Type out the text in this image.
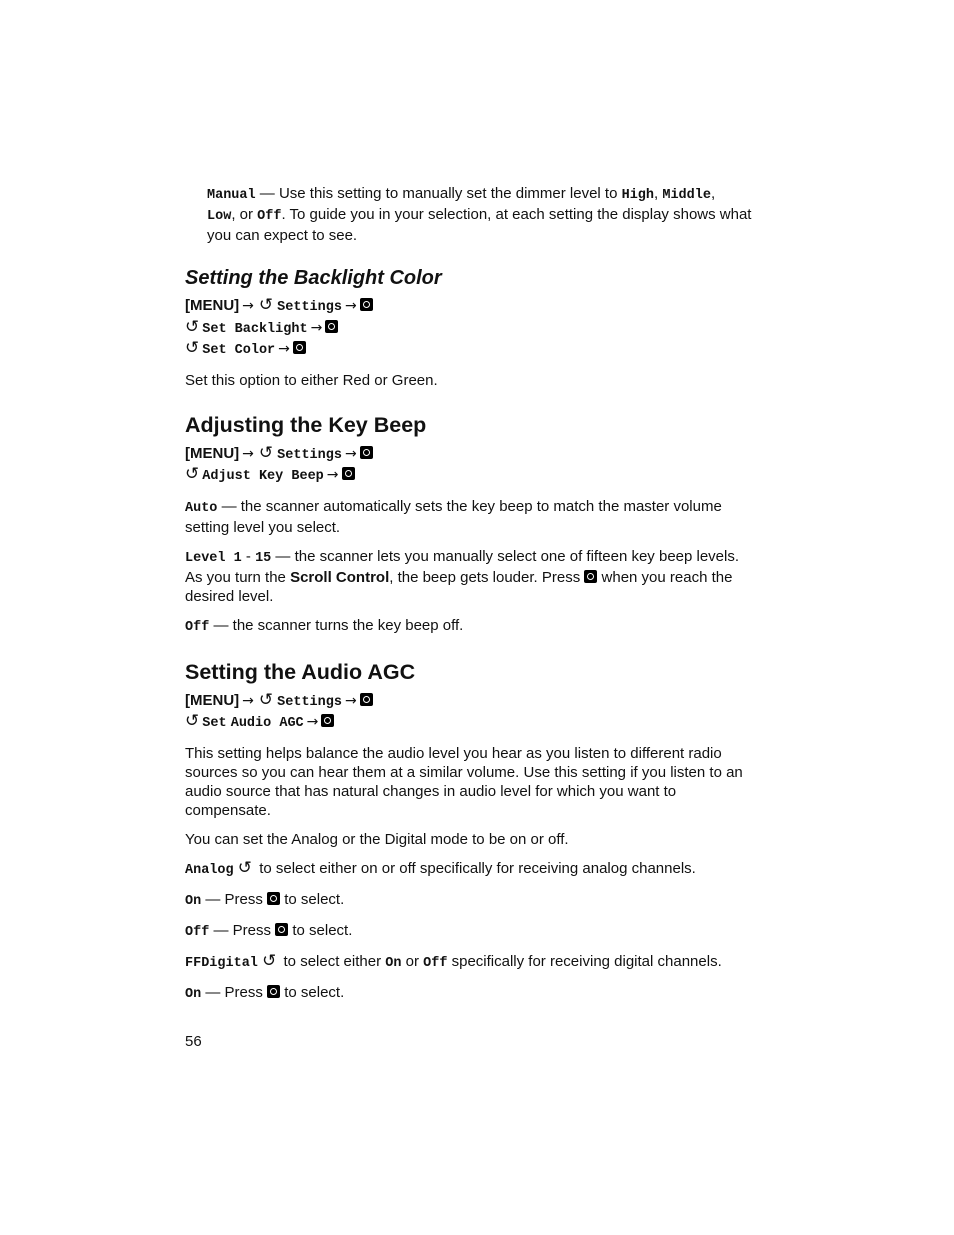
Manual — Use this setting to manually set the dimmer level to High, Middle,
Low, or Off. To guide you in your selection, at each setting the display shows what you can expect to see.

Setting the Backlight Color
[MENU] → ↺ Settings →
↺ Set Backlight →
↺ Set Color →

Set this option to either Red or Green.

Adjusting the Key Beep
[MENU] → ↺ Settings →
↺ Adjust Key Beep →

Auto — the scanner automatically sets the key beep to match the master volume setting level you select.

Level 1 - 15 — the scanner lets you manually select one of fifteen key beep levels. As you turn the Scroll Control, the beep gets louder. Press  when you reach the desired level.

Off — the scanner turns the key beep off.

Setting the Audio AGC
[MENU] → ↺ Settings →
↺ Set Audio AGC →

This setting helps balance the audio level you hear as you listen to different radio sources so you can hear them at a similar volume. Use this setting if you listen to an audio source that has natural changes in audio level for which you want to compensate.

You can set the Analog or the Digital mode to be on or off.

Analog ↺ to select either on or off specifically for receiving analog channels.

On — Press  to select.

Off — Press  to select.

FFDigital ↺ to select either On or Off specifically for receiving digital channels.

On — Press  to select.

56
